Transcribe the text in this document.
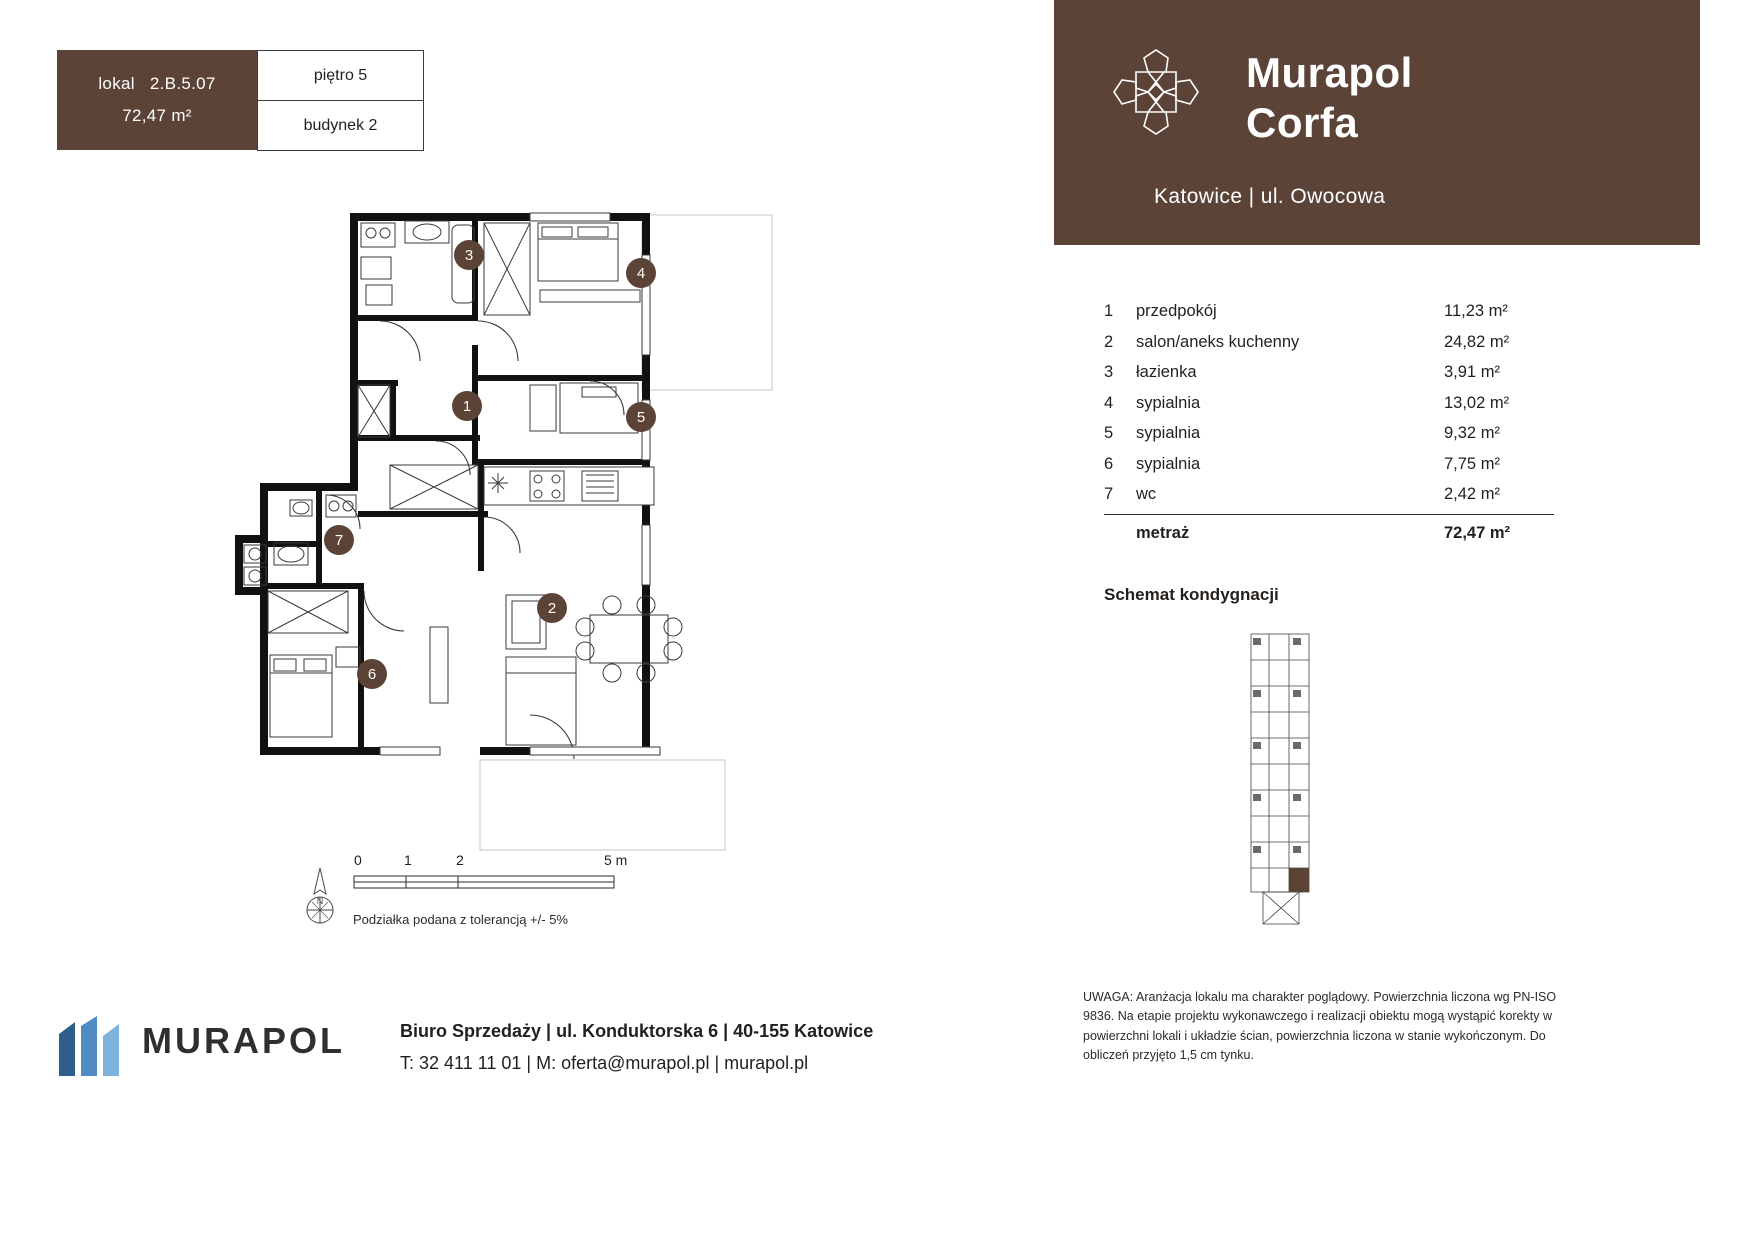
lokal 2.B.5.07
72,47 m²
piętro 5
budynek 2
Murapol
Corfa
Katowice | ul. Owocowa
1	przedpokój	11,23 m²
2	salon/aneks kuchenny	24,82 m²
3	łazienka	3,91 m²
4	sypialnia	13,02 m²
5	sypialnia	9,32 m²
6	sypialnia	7,75 m²
7	wc	2,42 m²
metraż	72,47 m²
Schemat kondygnacji
UWAGA: Aranżacja lokalu ma charakter poglądowy. Powierzchnia liczona wg PN-ISO 9836. Na etapie projektu wykonawczego i realizacji obiektu mogą wystąpić korekty w powierzchni lokali i układzie ścian, powierzchnia liczona w stanie wykończonym. Do obliczeń przyjęto 1,5 cm tynku.
MURAPOL	Biuro Sprzedaży | ul. Konduktorska 6 | 40-155 Katowice
T: 32 411 11 01 | M: oferta@murapol.pl | murapol.pl
N
0	1	2	5 m
Podziałka podana z tolerancją +/- 5%
1
2
3
4
5
6
7
